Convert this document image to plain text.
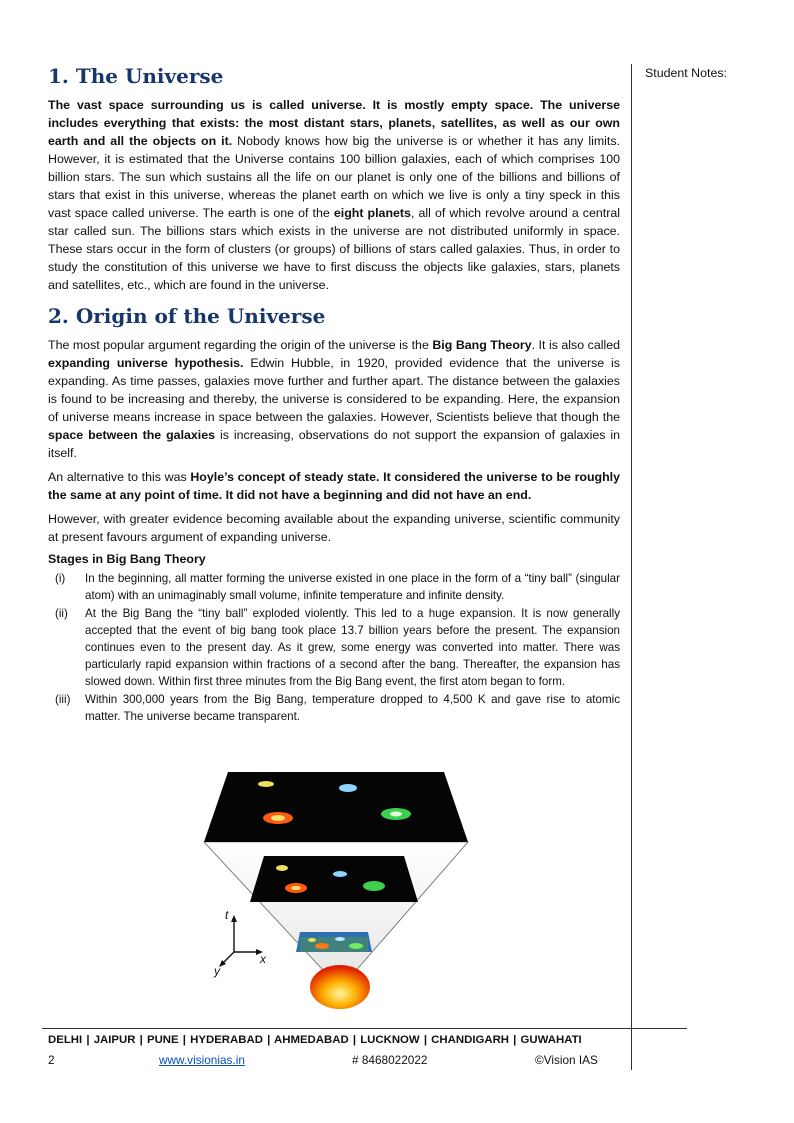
1. The Universe

The vast space surrounding us is called universe. It is mostly empty space. The universe includes everything that exists: the most distant stars, planets, satellites, as well as our own earth and all the objects on it. Nobody knows how big the universe is or whether it has any limits. However, it is estimated that the Universe contains 100 billion galaxies, each of which comprises 100 billion stars. The sun which sustains all the life on our planet is only one of the billions and billions of stars that exist in this universe, whereas the planet earth on which we live is only a tiny speck in this vast space called universe. The earth is one of the eight planets, all of which revolve around a central star called sun. The billions stars which exists in the universe are not distributed uniformly in space. These stars occur in the form of clusters (or groups) of billions of stars called galaxies. Thus, in order to study the constitution of this universe we have to first discuss the objects like galaxies, stars, planets and satellites, etc., which are found in the universe.

2. Origin of the Universe

The most popular argument regarding the origin of the universe is the Big Bang Theory. It is also called expanding universe hypothesis. Edwin Hubble, in 1920, provided evidence that the universe is expanding. As time passes, galaxies move further and further apart. The distance between the galaxies is found to be increasing and thereby, the universe is considered to be expanding. Here, the expansion of universe means increase in space between the galaxies. However, Scientists believe that though the space between the galaxies is increasing, observations do not support the expansion of galaxies in itself.

An alternative to this was Hoyle’s concept of steady state. It considered the universe to be roughly the same at any point of time. It did not have a beginning and did not have an end.

However, with greater evidence becoming available about the expanding universe, scientific community at present favours argument of expanding universe.

Stages in Big Bang Theory
(i)	In the beginning, all matter forming the universe existed in one place in the form of a “tiny ball” (singular atom) with an unimaginably small volume, infinite temperature and infinite density.
(ii)	At the Big Bang the “tiny ball” exploded violently. This led to a huge expansion. It is now generally accepted that the event of big bang took place 13.7 billion years before the present. The expansion continues even to the present day. As it grew, some energy was converted into matter. There was particularly rapid expansion within fractions of a second after the bang. Thereafter, the expansion has slowed down. Within first three minutes from the Big Bang event, the first atom began to form.
(iii)	Within 300,000 years from the Big Bang, temperature dropped to 4,500 K and gave rise to atomic matter. The universe became transparent.
t
x
y
Student Notes:
DELHI | JAIPUR | PUNE | HYDERABAD | AHMEDABAD | LUCKNOW | CHANDIGARH | GUWAHATI
2	www.visionias.in	# 8468022022	©Vision IAS
